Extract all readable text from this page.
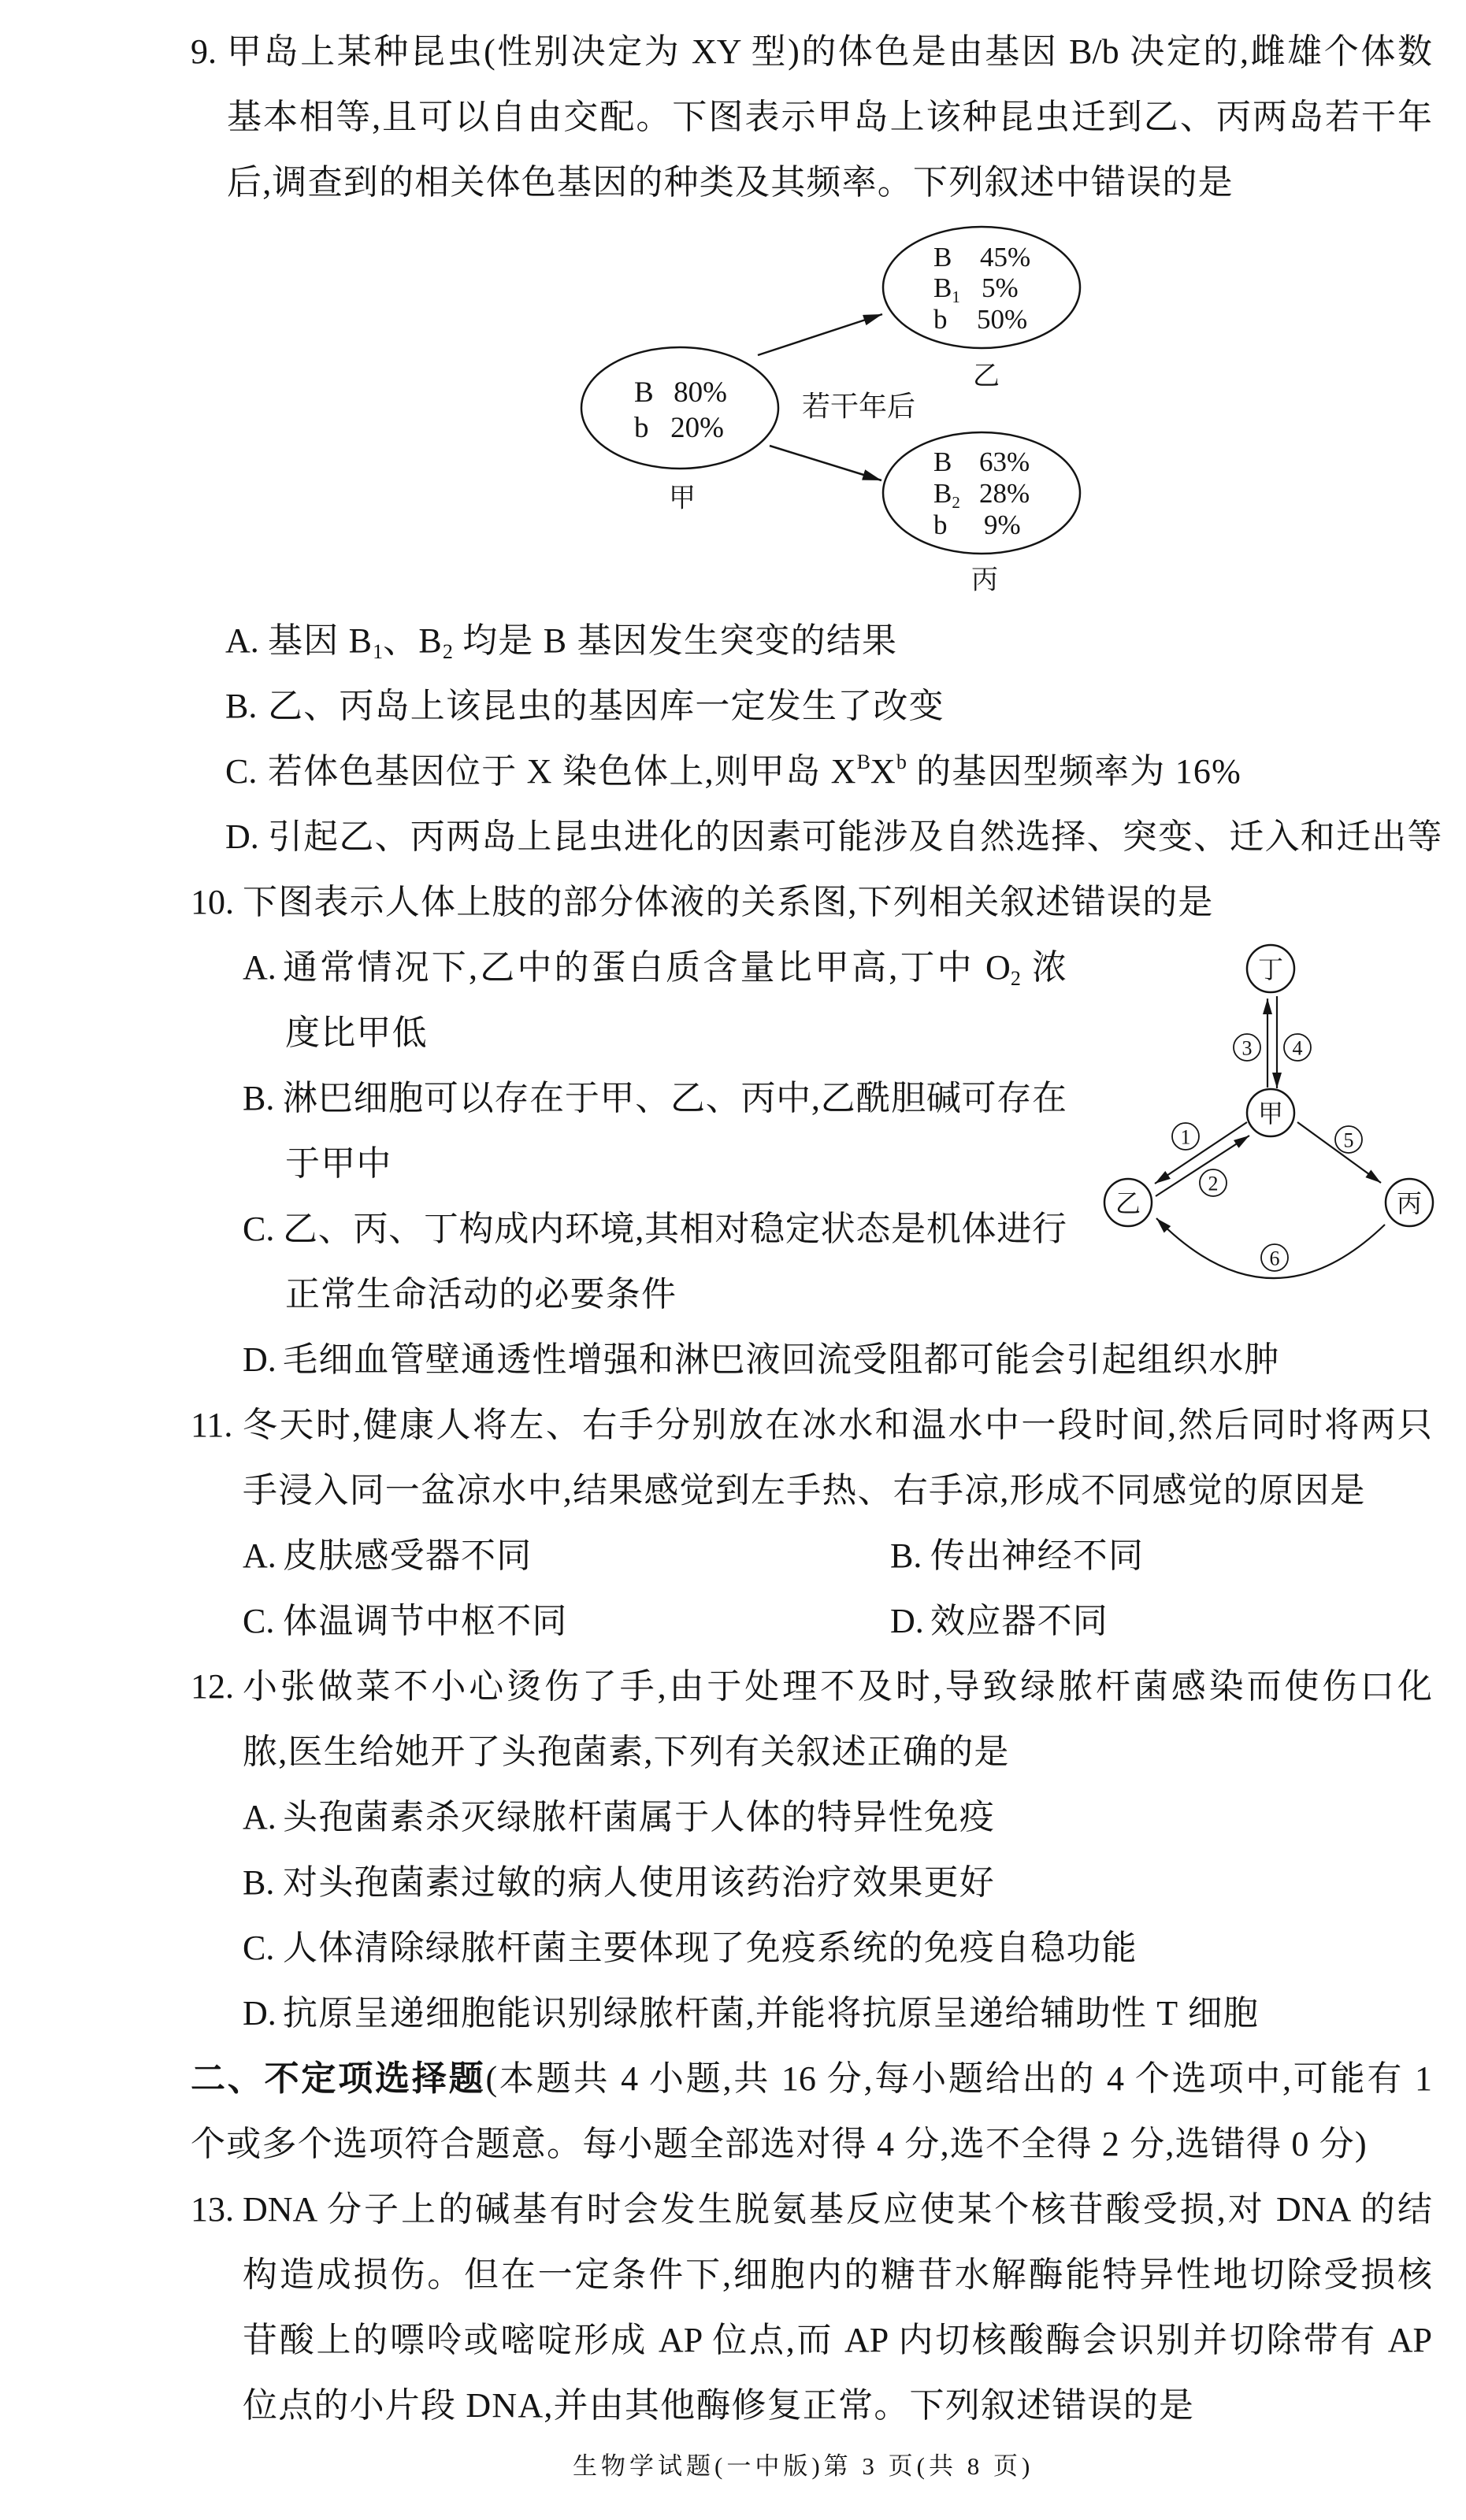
9. 甲岛上某种昆虫(性别决定为 XY 型)的体色是由基因 B/b 决定的,雌雄个体数
基本相等,且可以自由交配。下图表示甲岛上该种昆虫迁到乙、丙两岛若干年
后,调查到的相关体色基因的种类及其频率。下列叙述中错误的是
A. 基因 $B_1$、$B_2$ 均是 B 基因发生突变的结果
B. 乙、丙岛上该昆虫的基因库一定发生了改变
C. 若体色基因位于 X 染色体上,则甲岛 $X^BX^b$ 的基因型频率为 16%
D. 引起乙、丙两岛上昆虫进化的因素可能涉及自然选择、突变、迁入和迁出等
10. 下图表示人体上肢的部分体液的关系图,下列相关叙述错误的是
A. 通常情况下,乙中的蛋白质含量比甲高,丁中 $O_2$ 浓
度比甲低
B. 淋巴细胞可以存在于甲、乙、丙中,乙酰胆碱可存在
于甲中
C. 乙、丙、丁构成内环境,其相对稳定状态是机体进行
正常生命活动的必要条件
D. 毛细血管壁通透性增强和淋巴液回流受阻都可能会引起组织水肿
11. 冬天时,健康人将左、右手分别放在冰水和温水中一段时间,然后同时将两只
手浸入同一盆凉水中,结果感觉到左手热、右手凉,形成不同感觉的原因是
A. 皮肤感受器不同	B. 传出神经不同
C. 体温调节中枢不同	D. 效应器不同
12. 小张做菜不小心烫伤了手,由于处理不及时,导致绿脓杆菌感染而使伤口化
脓,医生给她开了头孢菌素,下列有关叙述正确的是
A. 头孢菌素杀灭绿脓杆菌属于人体的特异性免疫
B. 对头孢菌素过敏的病人使用该药治疗效果更好
C. 人体清除绿脓杆菌主要体现了免疫系统的免疫自稳功能
D. 抗原呈递细胞能识别绿脓杆菌,并能将抗原呈递给辅助性 T 细胞
二、不定项选择题(本题共 4 小题,共 16 分,每小题给出的 4 个选项中,可能有 1
个或多个选项符合题意。每小题全部选对得 4 分,选不全得 2 分,选错得 0 分)
13. DNA 分子上的碱基有时会发生脱氨基反应使某个核苷酸受损,对 DNA 的结
构造成损伤。但在一定条件下,细胞内的糖苷水解酶能特异性地切除受损核
苷酸上的嘌呤或嘧啶形成 AP 位点,而 AP 内切核酸酶会识别并切除带有 AP
位点的小片段 DNA,并由其他酶修复正常。下列叙述错误的是
生物学试题(一中版)第 3 页(共 8 页)
B 80%
b 20%
甲
B 45%
$B_1$ 5%
b 50%
乙
B 63%
$B_2$ 28%
b 9%
丙
若干年后
丁
甲
乙	丙
1
2
3 4
5
6
